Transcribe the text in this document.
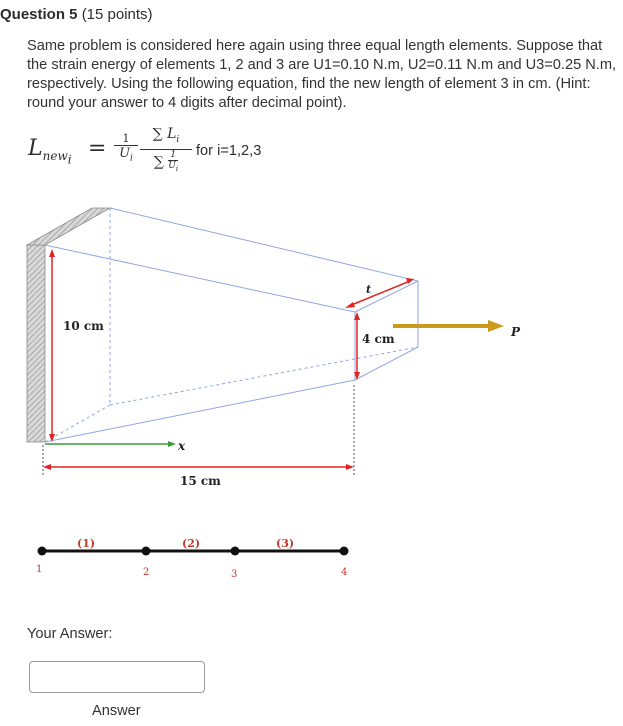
Question 5 (15 points)
Same problem is considered here again using three equal length elements. Suppose that the strain energy of elements 1, 2 and 3 are U1=0.10 N.m, U2=0.11 N.m and U3=0.25 N.m, respectively. Using the following equation, find the new length of element 3 in cm. (Hint: round your answer to 4 digits after decimal point).
$L_{new_i}$ =	1
$U_i$ ∑ $L_i$
∑ 1
$U_i$ for i=1,2,3
10 cm
4 cm
15 cm
x
t
P
(1)	(2)	(3)
1	2	3	4
Your Answer:
Answer
